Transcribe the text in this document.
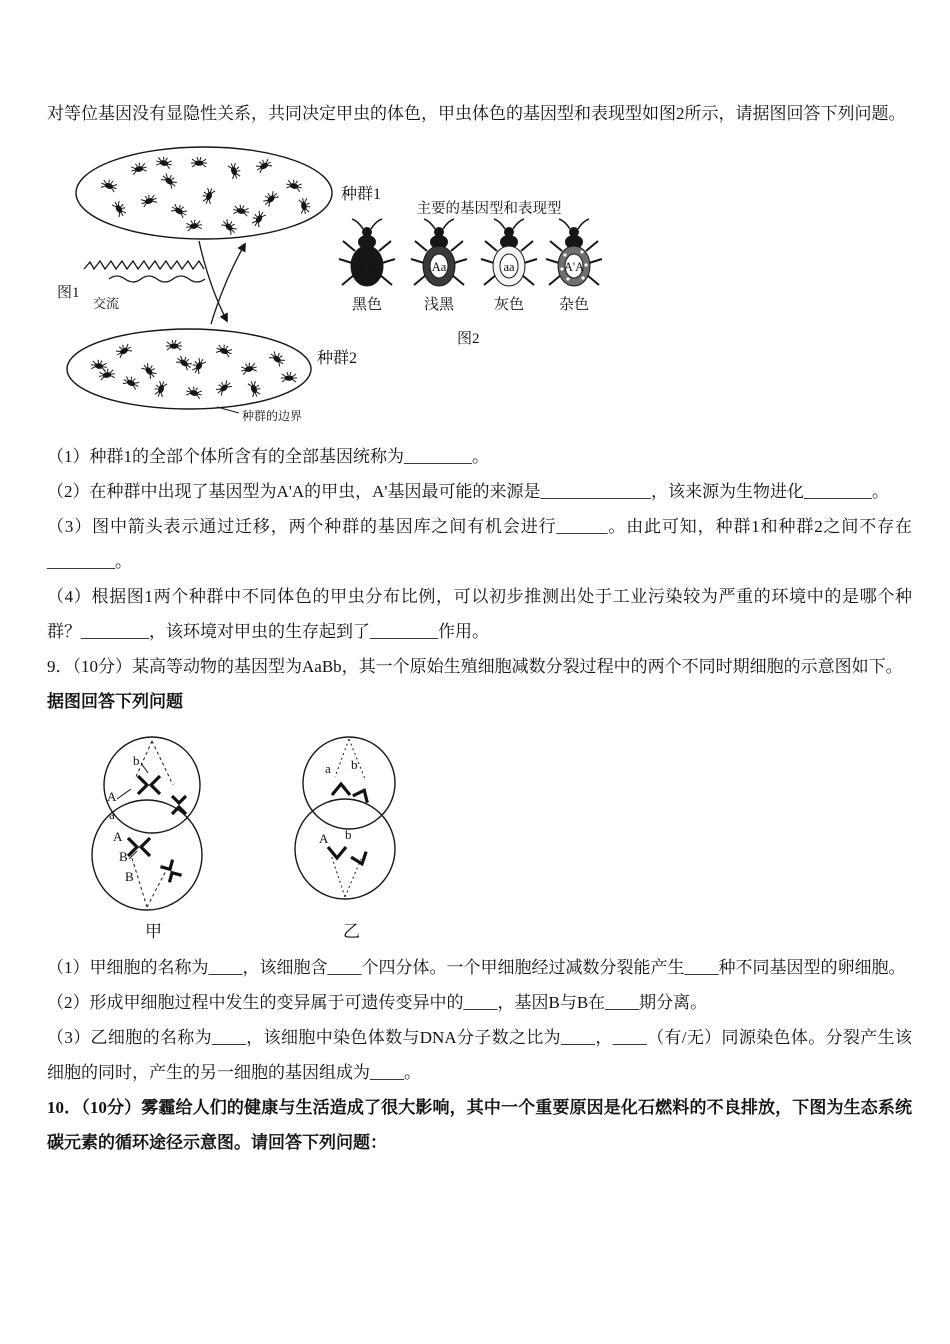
对等位基因没有显隐性关系，共同决定甲虫的体色，甲虫体色的基因型和表现型如图2所示，请据图回答下列问题。

种群1
图1
交流
种群2
种群的边界
主要的基因型和表现型
AA
黑色
Aa
浅黑
aa
灰色
A'A
杂色
图2

（1）种群1的全部个体所含有的全部基因统称为________。

（2）在种群中出现了基因型为A'A的甲虫，A'基因最可能的来源是_____________，该来源为生物进化________。

（3）图中箭头表示通过迁移，两个种群的基因库之间有机会进行______。由此可知，种群1和种群2之间不存在________。

（4）根据图1两个种群中不同体色的甲虫分布比例，可以初步推测出处于工业污染较为严重的环境中的是哪个种群？________，该环境对甲虫的生存起到了________作用。

9．（10分）某高等动物的基因型为AaBb，其一个原始生殖细胞减数分裂过程中的两个不同时期细胞的示意图如下。

据图回答下列问题

b
A
a
A
B
B
甲
a b
A b
乙

（1）甲细胞的名称为____，该细胞含____个四分体。一个甲细胞经过减数分裂能产生____种不同基因型的卵细胞。

（2）形成甲细胞过程中发生的变异属于可遗传变异中的____，基因B与B在____期分离。

（3）乙细胞的名称为____，该细胞中染色体数与DNA分子数之比为____，____（有/无）同源染色体。分裂产生该细胞的同时，产生的另一细胞的基因组成为____。

10．（10分）雾霾给人们的健康与生活造成了很大影响，其中一个重要原因是化石燃料的不良排放，下图为生态系统碳元素的循环途径示意图。请回答下列问题：
